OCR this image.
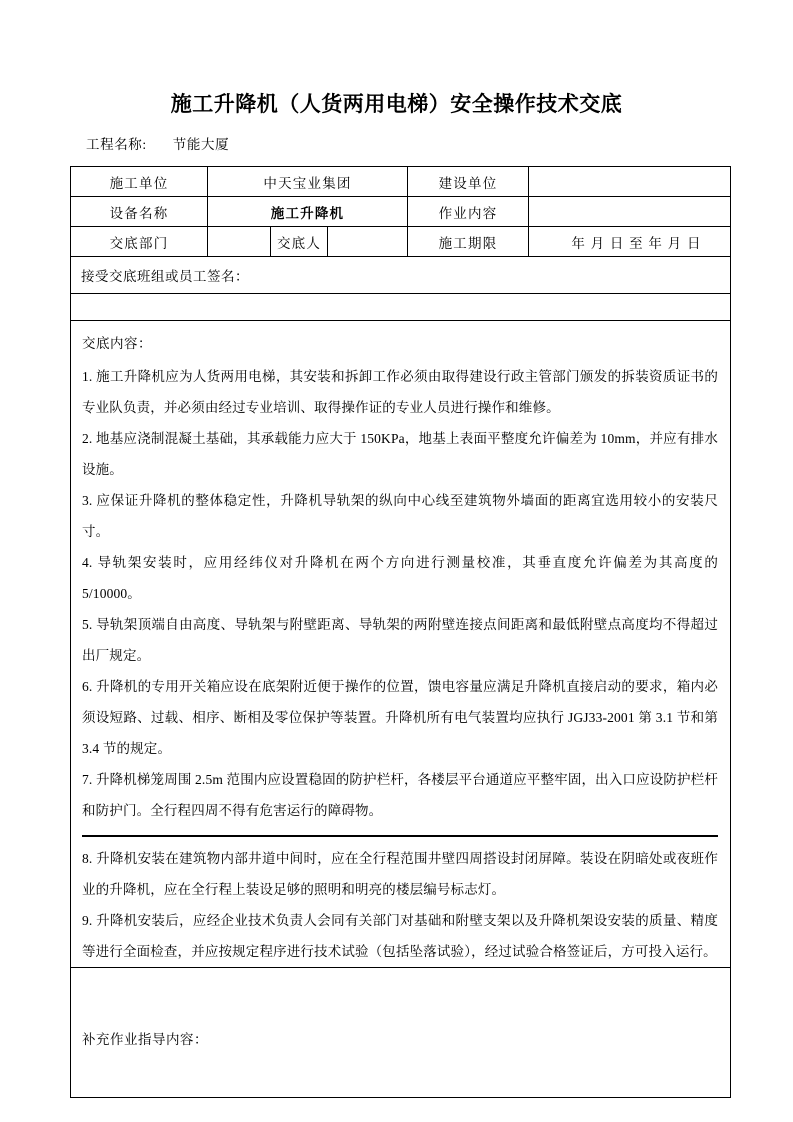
施工升降机（人货两用电梯）安全操作技术交底
工程名称: 节能大厦
施工单位	中天宝业集团			建设单位	
设备名称	施工升降机			作业内容	
交底部门		交底人		施工期限	年 月 日 至 年 月 日
接受交底班组或员工签名：					

交底内容：

1. 施工升降机应为人货两用电梯，其安装和拆卸工作必须由取得建设行政主管部门颁发的拆装资质证书的专业队负责，并必须由经过专业培训、取得操作证的专业人员进行操作和维修。

2. 地基应浇制混凝土基础，其承载能力应大于 150KPa，地基上表面平整度允许偏差为 10mm，并应有排水设施。

3. 应保证升降机的整体稳定性，升降机导轨架的纵向中心线至建筑物外墙面的距离宜选用较小的安装尺寸。

4. 导轨架安装时，应用经纬仪对升降机在两个方向进行测量校准，其垂直度允许偏差为其高度的 5/10000。

5. 导轨架顶端自由高度、导轨架与附壁距离、导轨架的两附壁连接点间距离和最低附壁点高度均不得超过出厂规定。

6. 升降机的专用开关箱应设在底架附近便于操作的位置，馈电容量应满足升降机直接启动的要求，箱内必须设短路、过载、相序、断相及零位保护等装置。升降机所有电气装置均应执行 JGJ33-2001 第 3.1 节和第 3.4 节的规定。

7. 升降机梯笼周围 2.5m 范围内应设置稳固的防护栏杆，各楼层平台通道应平整牢固，出入口应设防护栏杆和防护门。全行程四周不得有危害运行的障碍物。

8. 升降机安装在建筑物内部井道中间时，应在全行程范围井壁四周搭设封闭屏障。装设在阴暗处或夜班作业的升降机，应在全行程上装设足够的照明和明亮的楼层编号标志灯。

9. 升降机安装后，应经企业技术负责人会同有关部门对基础和附壁支架以及升降机架设安装的质量、精度等进行全面检查，并应按规定程序进行技术试验（包括坠落试验），经过试验合格签证后，方可投入运行。

补充作业指导内容：					
